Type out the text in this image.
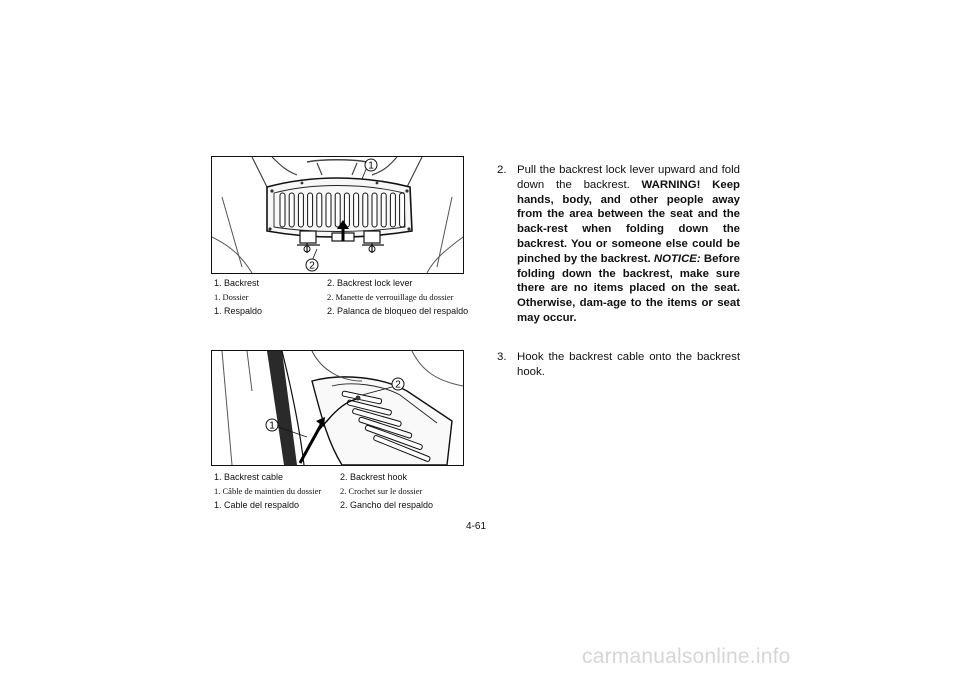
1
2
1. Backrest	2. Backrest lock lever
1. Dossier	2. Manette de verrouillage du dossier
1. Respaldo	2. Palanca de bloqueo del respaldo
1
2
1. Backrest cable	2. Backrest hook
1. Câble de maintien du dossier 2. Crochet sur le dossier
1. Cable del respaldo	2. Gancho del respaldo
2. Pull the backrest lock lever upward and fold down the backrest. WARNING! Keep hands, body, and other people away from the area between the seat and the back-rest when folding down the backrest. You or someone else could be pinched by the backrest. NOTICE: Before folding down the backrest, make sure there are no items placed on the seat. Otherwise, dam-age to the items or seat may occur.
3. Hook the backrest cable onto the backrest hook.
4-61
carmanualsonline.info
